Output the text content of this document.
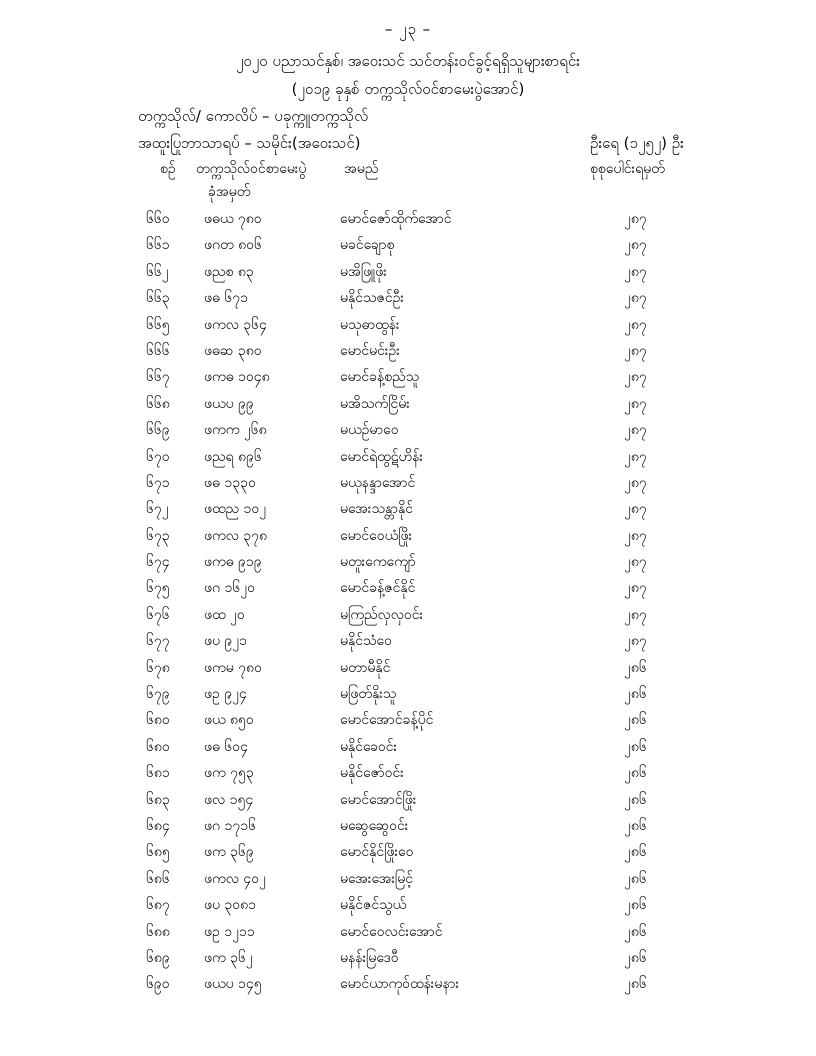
– ၂၃ –
၂၀၂၀ ပညာသင်နှစ်၊ အဝေးသင် သင်တန်းဝင်ခွင့်ရရှိသူများစာရင်း
(၂၀၁၉ ခုနှစ် တက္ကသိုလ်ဝင်စာမေးပွဲအောင်)
တက္ကသိုလ်/ ကောလိပ် – ပခုက္ကူတက္ကသိုလ်
အထူးပြုဘာသာရပ် – သမိုင်း(အဝေးသင်)	ဦးရေ (၁၂၅၂) ဦး
စဉ် တက္ကသိုလ်ဝင်စာမေးပွဲ
ခုံအမှတ်
အမည်	စုစုပေါင်းရမှတ်
၆၆၀ ဖဓယ ၇၈၀	မောင်ဇော်ထိုက်အောင်	၂၈၇
၆၆၁ ဖဂတ ၈၀၆	မခင်ချောစု	၂၈၇
၆၆၂	ဖညစ ၈၃	မအိဖြူဖိုး	၂၈၇
၆၆၃ ဖဓ ၆၇၁	မနိုင်သဇင်ဦး	၂၈၇
၆၆၅ ဖကလ ၃၆၄	မသုဓာထွန်း	၂၈၇
၆၆၆ ဖဓဆ ၃၈၀	မောင်မင်းဦး	၂၈၇
၆၆၇ ဖကဓ ၁၀၄၈	မောင်ခန့်စည်သူ	၂၈၇
၆၆၈ ဖယပ ၉၉	မအိသက်ငြိမ်း	၂၈၇
၆၆၉ ဖကက ၂၆၈	မယဥ်မာဝေ	၂၈၇
၆၇၀ ဖညရ ၈၉၆	မောင်ရဲထွဋ်ဟိန်း	၂၈၇
၆၇၁ ဖဓ ၁၃၃၀	မယုနန္ဒာအောင်	၂၈၇
၆၇၂	ဖထည ၁၀၂	မအေးသန္တာနိုင်	၂၈၇
၆၇၃ ဖကလ ၃၇၈	မောင်ဝေယံဖြိုး	၂၈၇
၆၇၄ ဖကဓ ၉၁၉	မတူးကေကျော်	၂၈၇
၆၇၅ ဖဂ ၁၆၂၀	မောင်ခန့်ဇင်နိုင်	၂၈၇
၆၇၆ ဖထ ၂၀	မကြည်လှလှဝင်း	၂၈၇
၆၇၇ ဖပ ၉၂၁	မနိုင်သံဝေ	၂၈၇
၆၇၈ ဖကမ ၇၈၀	မတာမီနိုင်	၂၈၆
၆၇၉ ဖဥ ၉၂၄	မဖြတ်နိုးသူ	၂၈၆
၆၈၀ ဖယ ၈၅၀	မောင်အောင်ခန့်ပိုင်	၂၈၆
၆၈၀ ဖဓ ၆၀၄	မနိုင်ခေဝင်း	၂၈၆
၆၈၁ ဖက ၇၅၃	မနိုင်ဇော်ဝင်း	၂၈၆
၆၈၃ ဖလ ၁၅၄	မောင်အောင်ဖြိုး	၂၈၆
၆၈၄ ဖဂ ၁၇၁၆	မဆွေဆွေဝင်း	၂၈၆
၆၈၅ ဖက ၃၆၉	မောင်နိုင်ဖြိုးဝေ	၂၈၆
၆၈၆ ဖကလ ၄၀၂	မအေးအေးမြင့်	၂၈၆
၆၈၇ ဖပ ၃၀၈၁	မနိုင်ဇင်သွယ်	၂၈၆
၆၈၈ ဖဥ ၁၂၁၁	မောင်ဝေလင်းအောင်	၂၈၆
၆၈၉ ဖက ၃၆၂	မနန်းမြဒေဝီ	၂၈၆
၆၉၀ ဖယပ ၁၄၅	မောင်ယာကုဝ်ထန်းမနား	၂၈၆
